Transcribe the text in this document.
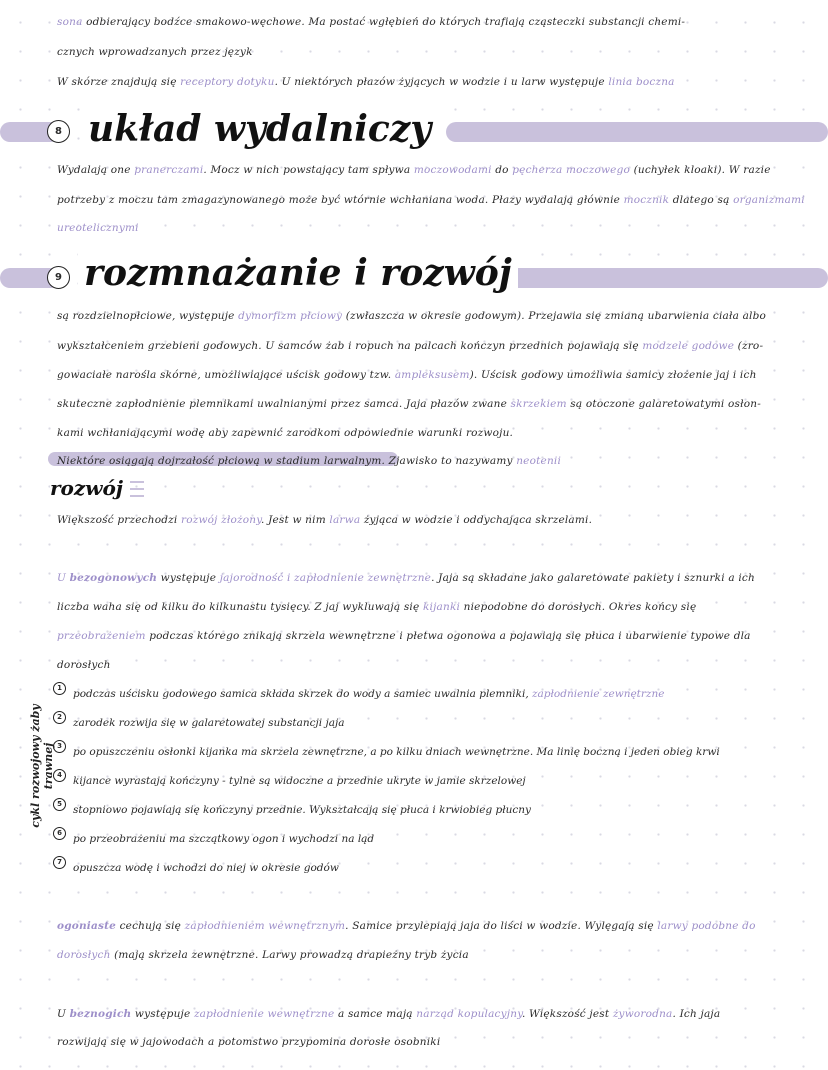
sona odbierający bodźce smakowo-węchowe. Ma postać wgłębień do których trafiają cząsteczki substancji chemi-
cznych wprowadzanych przez język
W skórze znajdują się receptory dotyku. U niektórych płazów żyjących w wodzie i u larw występuje linia boczna
8 układ wydalniczy
Wydalają one pranerczami. Mocz w nich powstający tam spływa moczowodami do pęcherza moczowego (uchyłek kloaki). W razie
potrzeby z moczu tam zmagazynowanego może być wtórnie wchłaniana woda. Płazy wydalają głównie mocznik dlatego są organizmami
ureotelicznymi
9 rozmnażanie i rozwój
są rozdzielnopłciowe, występuje dymorfizm płciowy (zwłaszcza w okresie godowym). Przejawia się zmianą ubarwienia ciała albo
wykształceniem grzebieni godowych. U samców żab i ropuch na palcach kończyn przednich pojawiają się modzele godowe (zro-
gowaciałe narośla skórne, umożliwiające uścisk godowy tzw. ampleksusem). Uścisk godowy umożliwia samicy złożenie jaj i ich
skuteczne zapłodnienie plemnikami uwalnianymi przez samca. Jaja płazów zwane skrzekiem są otoczone galaretowatymi osłon-
kami wchłaniającymi wodę aby zapewnić zarodkom odpowiednie warunki rozwoju.
Niektóre osiągają dojrzałość płciową w stadium larwalnym. Zjawisko to nazywamy neotenii
rozwój
Większość przechodzi rozwój złożony. Jest w nim larwa żyjąca w wodzie i oddychająca skrzelami.
U bezogonowych występuje jajorodność i zapłodnienie zewnętrzne. Jaja są składane jako galaretowate pakiety i sznurki a ich
liczba waha się od kilku do kilkunastu tysięcy. Z jaj wykluwają się kijanki niepodobne do dorosłych. Okres końcy się
przeobrażeniem podczas którego znikają skrzela wewnętrzne i płetwa ogonowa a pojawiają się płuca i ubarwienie typowe dla
dorosłych
cykl rozwojowy żaby trawnej
1	podczas uścisku godowego samica składa skrzek do wody a samiec uwalnia plemniki, zapłodnienie zewnętrzne
2	zarodek rozwija się w galaretowatej substancji jaja
3	po opuszczeniu osłonki kijanka ma skrzela zewnętrzne, a po kilku dniach wewnętrzne. Ma linię boczną i jeden obieg krwi
4	kijance wyrastają kończyny - tylne są widoczne a przednie ukryte w jamie skrzelowej
5	stopniowo pojawiają się kończyny przednie. Wykształcają się płuca i krwiobieg płucny
6	po przeobrażeniu ma szczątkowy ogon i wychodzi na ląd
7	opuszcza wodę i wchodzi do niej w okresie godów
ogoniaste cechują się zapłodnieniem wewnętrznym. Samice przylepiają jaja do liści w wodzie. Wylęgają się larwy podobne do
dorosłych (mają skrzela zewnętrzne. Larwy prowadzą drapieżny tryb życia
U beznogich występuje zapłodnienie wewnętrzne a samce mają narząd kopulacyjny. Większość jest żyworodna. Ich jaja
rozwijają się w jajowodach a potomstwo przypomina dorosłe osobniki
